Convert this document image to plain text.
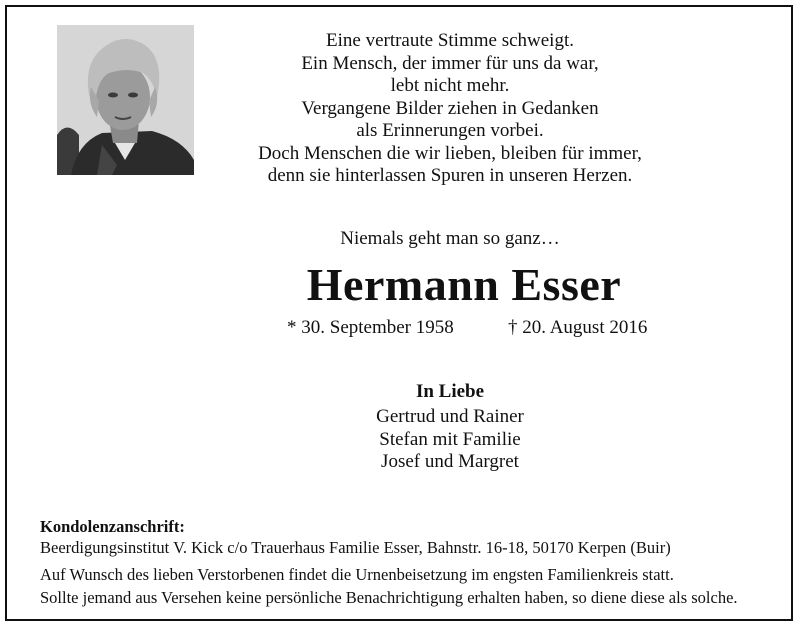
Eine vertraute Stimme schweigt.
Ein Mensch, der immer für uns da war,
lebt nicht mehr.
Vergangene Bilder ziehen in Gedanken
als Erinnerungen vorbei.
Doch Menschen die wir lieben, bleiben für immer,
denn sie hinterlassen Spuren in unseren Herzen.
Niemals geht man so ganz…
Hermann Esser
* 30. September 1958	† 20. August 2016
In Liebe
Gertrud und Rainer
Stefan mit Familie
Josef und Margret
Kondolenzanschrift:
Beerdigungsinstitut V. Kick c/o Trauerhaus Familie Esser, Bahnstr. 16-18, 50170 Kerpen (Buir)
Auf Wunsch des lieben Verstorbenen findet die Urnenbeisetzung im engsten Familienkreis statt.
Sollte jemand aus Versehen keine persönliche Benachrichtigung erhalten haben, so diene diese als solche.
